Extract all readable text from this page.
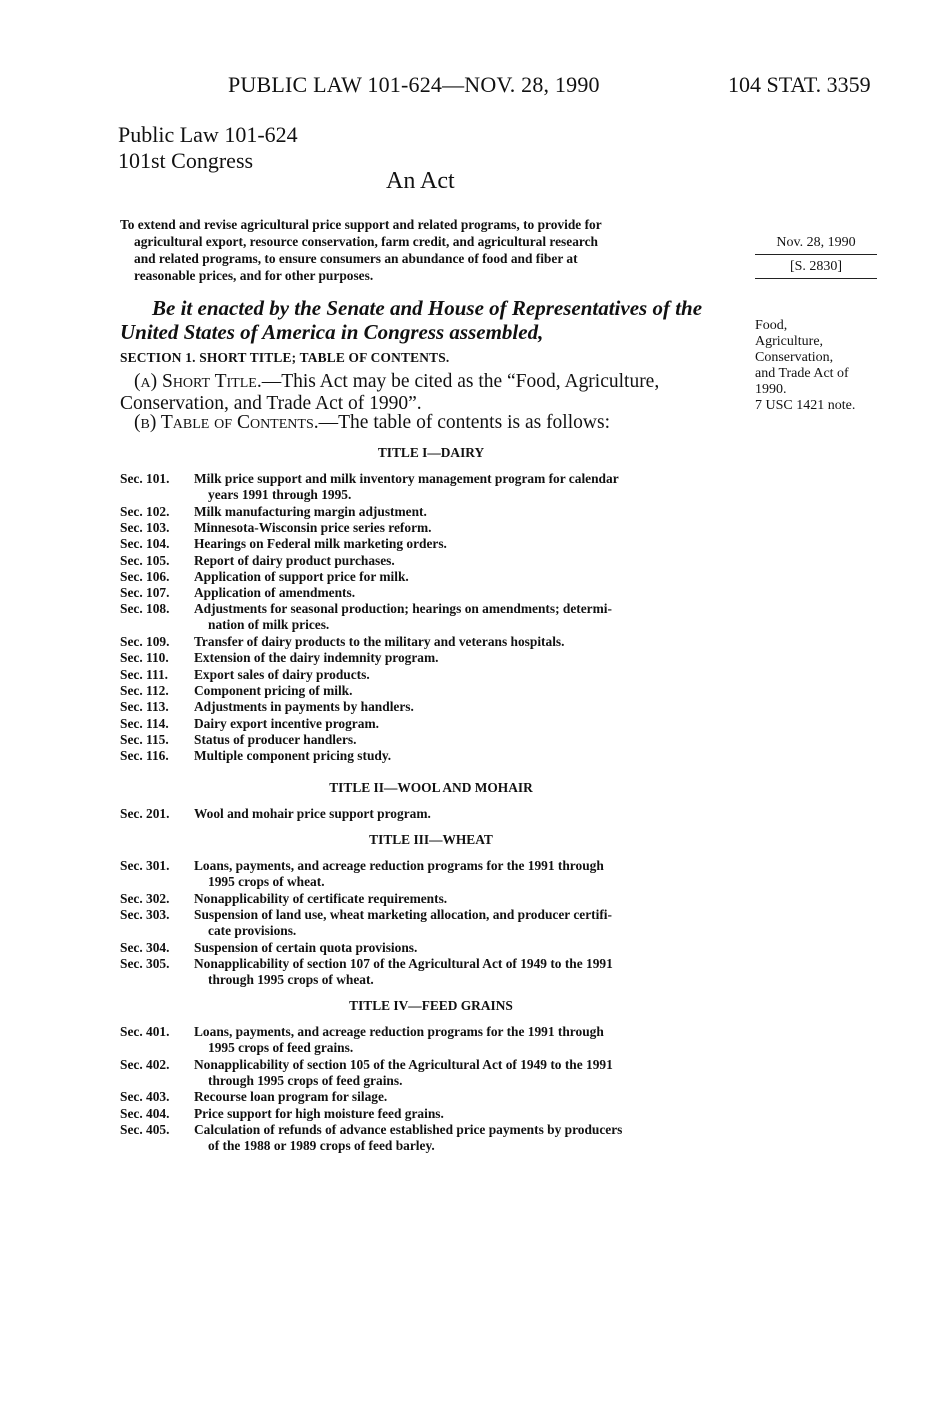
PUBLIC LAW 101-624—NOV. 28, 1990	104 STAT. 3359
Public Law 101-624
101st Congress
An Act
To extend and revise agricultural price support and related programs, to provide for
agricultural export, resource conservation, farm credit, and agricultural research
and related programs, to ensure consumers an abundance of food and fiber at
reasonable prices, and for other purposes.
Nov. 28, 1990
[S. 2830]
Be it enacted by the Senate and House of Representatives of the United States of America in Congress assembled,
SECTION 1. SHORT TITLE; TABLE OF CONTENTS.
(a) Short Title.—This Act may be cited as the “Food, Agriculture, Conservation, and Trade Act of 1990”.
(b) Table of Contents.—The table of contents is as follows:
Food,
Agriculture,
Conservation,
and Trade Act of
1990.
7 USC 1421 note.
TITLE I—DAIRY
Sec. 101. Milk price support and milk inventory management program for calendar
years 1991 through 1995.
Sec. 102. Milk manufacturing margin adjustment.
Sec. 103. Minnesota-Wisconsin price series reform.
Sec. 104. Hearings on Federal milk marketing orders.
Sec. 105. Report of dairy product purchases.
Sec. 106. Application of support price for milk.
Sec. 107. Application of amendments.
Sec. 108. Adjustments for seasonal production; hearings on amendments; determi-
nation of milk prices.
Sec. 109. Transfer of dairy products to the military and veterans hospitals.
Sec. 110. Extension of the dairy indemnity program.
Sec. 111. Export sales of dairy products.
Sec. 112. Component pricing of milk.
Sec. 113. Adjustments in payments by handlers.
Sec. 114. Dairy export incentive program.
Sec. 115. Status of producer handlers.
Sec. 116. Multiple component pricing study.
TITLE II—WOOL AND MOHAIR
Sec. 201. Wool and mohair price support program.
TITLE III—WHEAT
Sec. 301. Loans, payments, and acreage reduction programs for the 1991 through
1995 crops of wheat.
Sec. 302. Nonapplicability of certificate requirements.
Sec. 303. Suspension of land use, wheat marketing allocation, and producer certifi-
cate provisions.
Sec. 304. Suspension of certain quota provisions.
Sec. 305. Nonapplicability of section 107 of the Agricultural Act of 1949 to the 1991
through 1995 crops of wheat.
TITLE IV—FEED GRAINS
Sec. 401. Loans, payments, and acreage reduction programs for the 1991 through
1995 crops of feed grains.
Sec. 402. Nonapplicability of section 105 of the Agricultural Act of 1949 to the 1991
through 1995 crops of feed grains.
Sec. 403. Recourse loan program for silage.
Sec. 404. Price support for high moisture feed grains.
Sec. 405. Calculation of refunds of advance established price payments by producers
of the 1988 or 1989 crops of feed barley.
